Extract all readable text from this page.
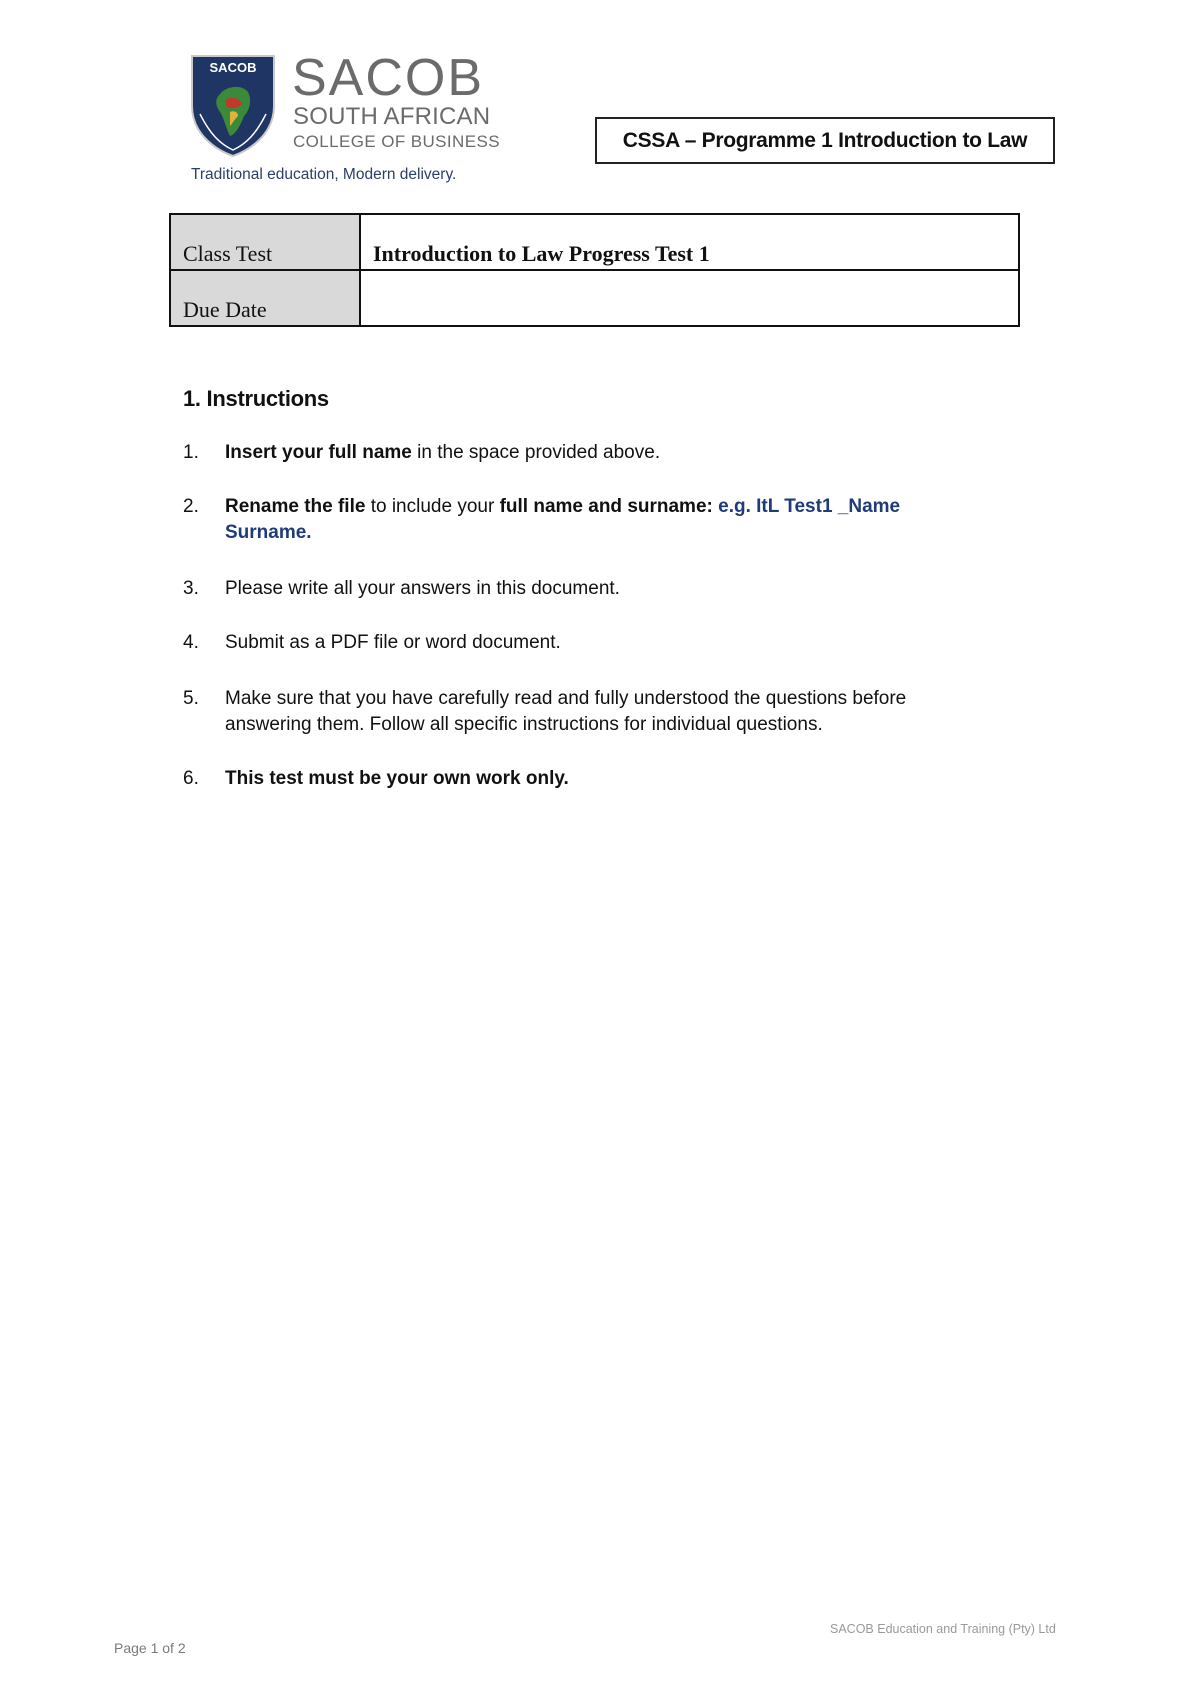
SACOB SACOB
SOUTH AFRICAN
COLLEGE OF BUSINESS
Traditional education, Modern delivery.
CSSA – Programme 1 Introduction to Law
Class Test	Introduction to Law Progress Test 1
Due Date	
1. Instructions
1. Insert your full name in the space provided above.
2. Rename the file to include your full name and surname: e.g. ItL Test1 _Name Surname.
3. Please write all your answers in this document.
4. Submit as a PDF file or word document.
5. Make sure that you have carefully read and fully understood the questions before answering them. Follow all specific instructions for individual questions.
6. This test must be your own work only.
SACOB Education and Training (Pty) Ltd
Page 1 of 2
